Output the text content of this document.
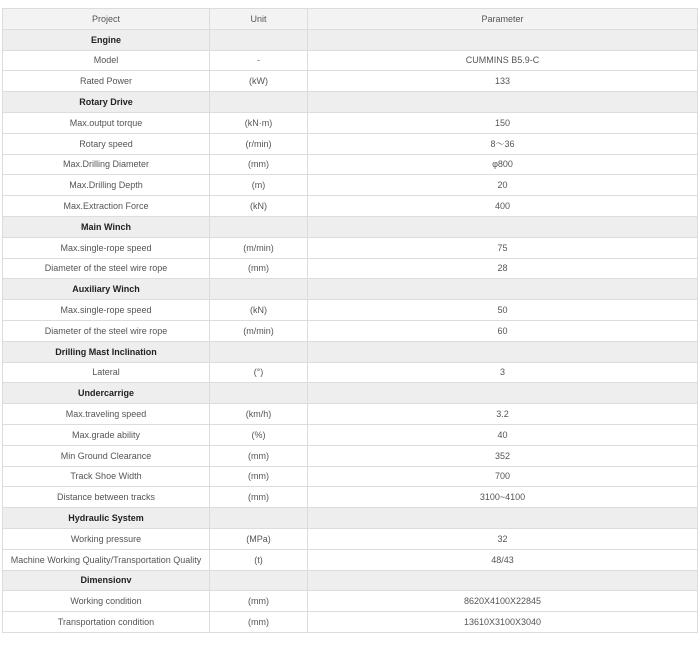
Project	Unit	Parameter
Engine		
Model	-	CUMMINS B5.9-C
Rated Power	(kW)	133
Rotary Drive		
Max.output torque	(kN·m)	150
Rotary speed	(r/min)	8～36
Max.Drilling Diameter	(mm)	φ800
Max.Drilling Depth	(m)	20
Max.Extraction Force	(kN)	400
Main Winch		
Max.single-rope speed	(m/min)	75
Diameter of the steel wire rope	(mm)	28
Auxiliary Winch		
Max.single-rope speed	(kN)	50
Diameter of the steel wire rope	(m/min)	60
Drilling Mast Inclination		
Lateral	(°)	3
Undercarrige		
Max.traveling speed	(km/h)	3.2
Max.grade ability	(%)	40
Min Ground Clearance	(mm)	352
Track Shoe Width	(mm)	700
Distance between tracks	(mm)	3100~4100
Hydraulic System		
Working pressure	(MPa)	32
Machine Working Quality/Transportation Quality	(t)	48/43
Dimensionv		
Working condition	(mm)	8620X4100X22845
Transportation condition	(mm)	13610X3100X3040
